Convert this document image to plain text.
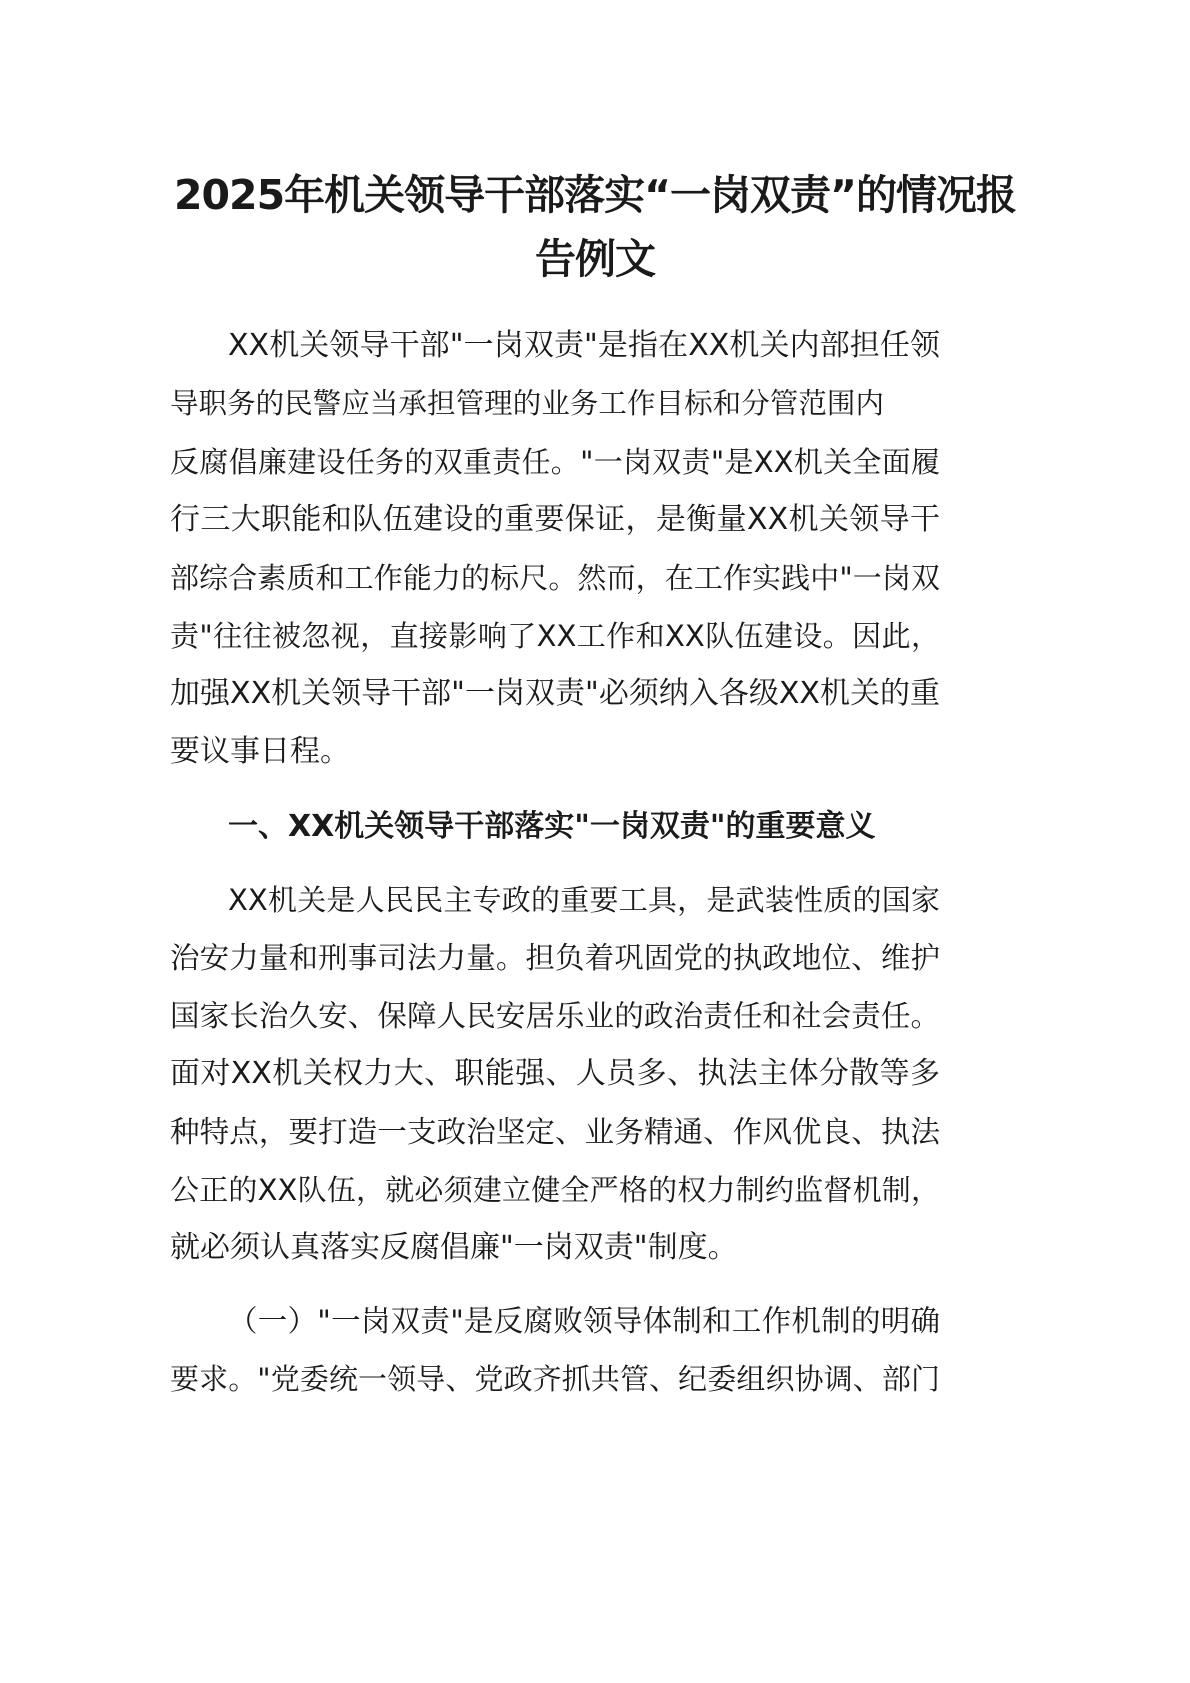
2025年机关领导干部落实“一岗双责”的情况报
告例文
XX机关领导干部"一岗双责"是指在XX机关内部担任领
导职务的民警应当承担管理的业务工作目标和分管范围内
反腐倡廉建设任务的双重责任。"一岗双责"是XX机关全面履
行三大职能和队伍建设的重要保证，是衡量XX机关领导干
部综合素质和工作能力的标尺。然而，在工作实践中"一岗双
责"往往被忽视，直接影响了XX工作和XX队伍建设。因此，
加强XX机关领导干部"一岗双责"必须纳入各级XX机关的重
要议事日程。
一、XX机关领导干部落实"一岗双责"的重要意义
XX机关是人民民主专政的重要工具，是武装性质的国家
治安力量和刑事司法力量。担负着巩固党的执政地位、维护
国家长治久安、保障人民安居乐业的政治责任和社会责任。
面对XX机关权力大、职能强、人员多、执法主体分散等多
种特点，要打造一支政治坚定、业务精通、作风优良、执法
公正的XX队伍，就必须建立健全严格的权力制约监督机制，
就必须认真落实反腐倡廉"一岗双责"制度。
（一）"一岗双责"是反腐败领导体制和工作机制的明确
要求。"党委统一领导、党政齐抓共管、纪委组织协调、部门
